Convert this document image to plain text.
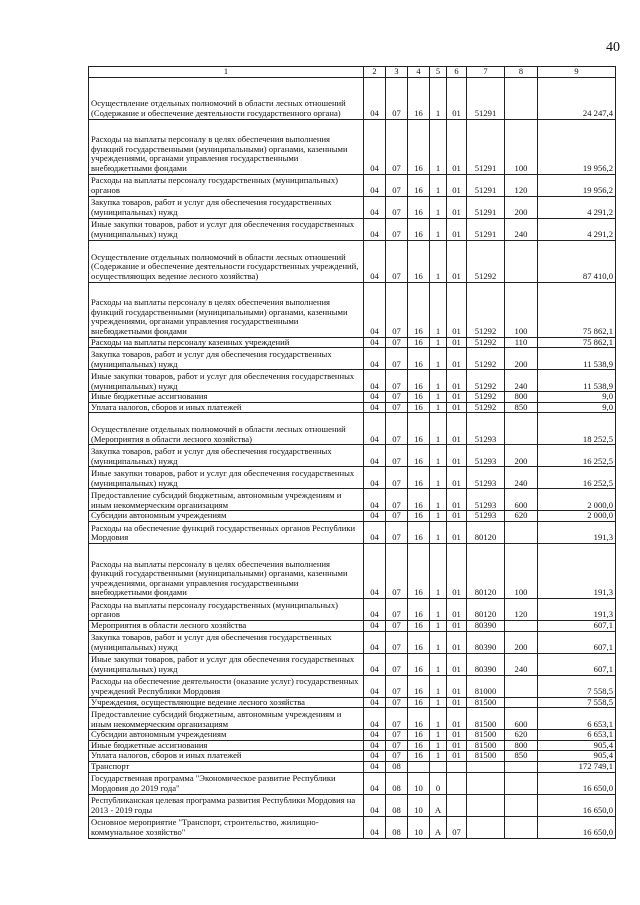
40
1	2	3	4	5	6	7	8	9
Осуществление отдельных полномочий в области лесных отношений (Содержание и обеспечение деятельности государственного органа)	04	07	16	1	01	51291		24 247,4
Расходы на выплаты персоналу в целях обеспечения выполнения функций государственными (муниципальными) органами, казенными учреждениями, органами управления государственными внебюджетными фондами	04	07	16	1	01	51291	100	19 956,2
Расходы на выплаты персоналу государственных (муниципальных) органов	04	07	16	1	01	51291	120	19 956,2
Закупка товаров, работ и услуг для обеспечения государственных (муниципальных) нужд	04	07	16	1	01	51291	200	4 291,2
Иные закупки товаров, работ и услуг для обеспечения государственных (муниципальных) нужд	04	07	16	1	01	51291	240	4 291,2
Осуществление отдельных полномочий в области лесных отношений (Содержание и обеспечение деятельности государственных учреждений, осуществляющих ведение лесного хозяйства)	04	07	16	1	01	51292		87 410,0
Расходы на выплаты персоналу в целях обеспечения выполнения функций государственными (муниципальными) органами, казенными учреждениями, органами управления государственными внебюджетными фондами	04	07	16	1	01	51292	100	75 862,1
Расходы на выплаты персоналу казенных учреждений	04	07	16	1	01	51292	110	75 862,1
Закупка товаров, работ и услуг для обеспечения государственных (муниципальных) нужд	04	07	16	1	01	51292	200	11 538,9
Иные закупки товаров, работ и услуг для обеспечения государственных (муниципальных) нужд	04	07	16	1	01	51292	240	11 538,9
Иные бюджетные ассигнования	04	07	16	1	01	51292	800	9,0
Уплата налогов, сборов и иных платежей	04	07	16	1	01	51292	850	9,0
Осуществление отдельных полномочий в области лесных отношений (Мероприятия в области лесного хозяйства)	04	07	16	1	01	51293		18 252,5
Закупка товаров, работ и услуг для обеспечения государственных (муниципальных) нужд	04	07	16	1	01	51293	200	16 252,5
Иные закупки товаров, работ и услуг для обеспечения государственных (муниципальных) нужд	04	07	16	1	01	51293	240	16 252,5
Предоставление субсидий бюджетным, автономным учреждениям и иным некоммерческим организациям	04	07	16	1	01	51293	600	2 000,0
Субсидии автономным учреждениям	04	07	16	1	01	51293	620	2 000,0
Расходы на обеспечение функций государственных органов Республики Мордовия	04	07	16	1	01	80120		191,3
Расходы на выплаты персоналу в целях обеспечения выполнения функций государственными (муниципальными) органами, казенными учреждениями, органами управления государственными внебюджетными фондами	04	07	16	1	01	80120	100	191,3
Расходы на выплаты персоналу государственных (муниципальных) органов	04	07	16	1	01	80120	120	191,3
Мероприятия в области лесного хозяйства	04	07	16	1	01	80390		607,1
Закупка товаров, работ и услуг для обеспечения государственных (муниципальных) нужд	04	07	16	1	01	80390	200	607,1
Иные закупки товаров, работ и услуг для обеспечения государственных (муниципальных) нужд	04	07	16	1	01	80390	240	607,1
Расходы на обеспечение деятельности (оказание услуг) государственных учреждений Республики Мордовия	04	07	16	1	01	81000		7 558,5
Учреждения, осуществляющие ведение лесного хозяйства	04	07	16	1	01	81500		7 558,5
Предоставление субсидий бюджетным, автономным учреждениям и иным некоммерческим организациям	04	07	16	1	01	81500	600	6 653,1
Субсидии автономным учреждениям	04	07	16	1	01	81500	620	6 653,1
Иные бюджетные ассигнования	04	07	16	1	01	81500	800	905,4
Уплата налогов, сборов и иных платежей	04	07	16	1	01	81500	850	905,4
Транспорт	04	08						172 749,1
Государственная программа "Экономическое развитие Республики Мордовия до 2019 года"	04	08	10	0				16 650,0
Республиканская целевая программа развития Республики Мордовия на 2013 - 2019 годы	04	08	10	А				16 650,0
Основное мероприятие "Транспорт, строительство, жилищно-коммунальное хозяйство"	04	08	10	А	07			16 650,0
